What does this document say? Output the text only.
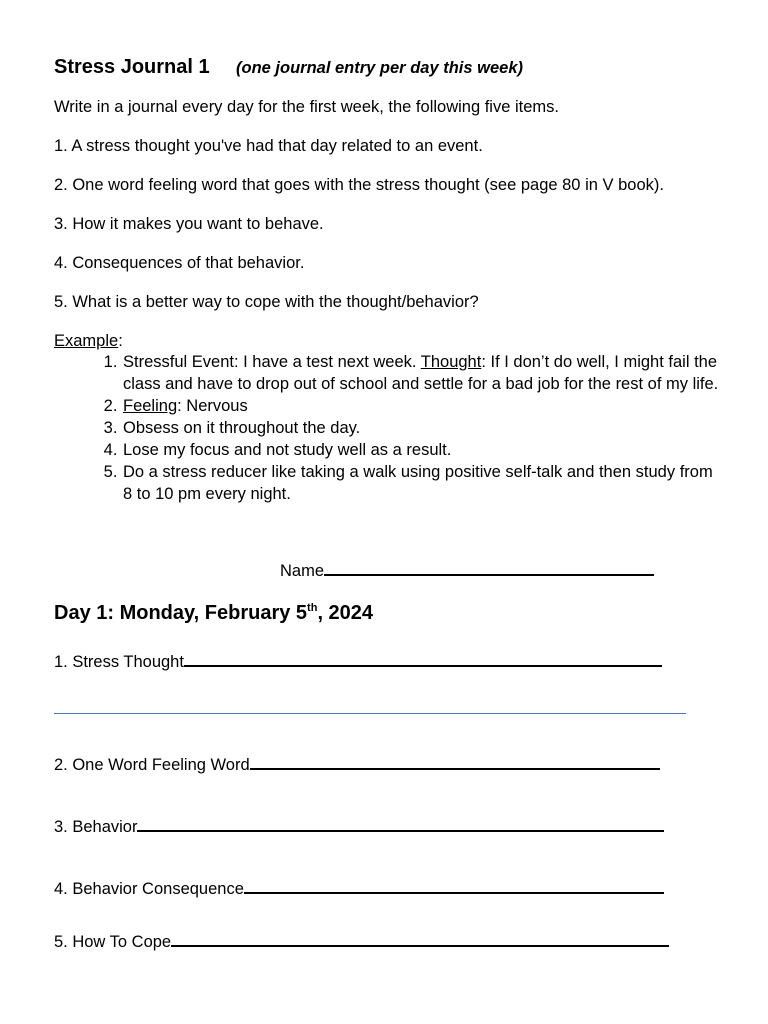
Stress Journal 1 (one journal entry per day this week)
Write in a journal every day for the first week, the following five items.
1. A stress thought you've had that day related to an event.
2. One word feeling word that goes with the stress thought (see page 80 in V book).
3. How it makes you want to behave.
4. Consequences of that behavior.
5. What is a better way to cope with the thought/behavior?
Example:
1. Stressful Event: I have a test next week. Thought: If I don’t do well, I might fail the class and have to drop out of school and settle for a bad job for the rest of my life.
2. Feeling: Nervous
3. Obsess on it throughout the day.
4. Lose my focus and not study well as a result.
5. Do a stress reducer like taking a walk using positive self-talk and then study from 8 to 10 pm every night.
Name
Day 1: Monday, February 5th, 2024
1. Stress Thought
2. One Word Feeling Word
3. Behavior
4. Behavior Consequence
5. How To Cope
